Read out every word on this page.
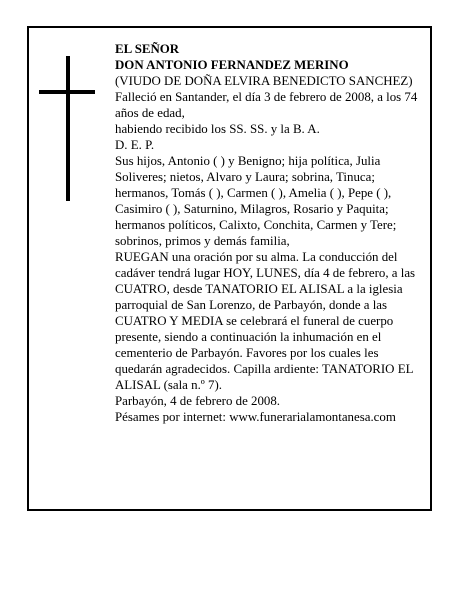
EL SEÑOR

DON ANTONIO FERNANDEZ MERINO

(VIUDO DE DOÑA ELVIRA BENEDICTO SANCHEZ)

Falleció en Santander, el día 3 de febrero de 2008, a los 74 años de edad,

habiendo recibido los SS. SS. y la B. A.

D. E. P.

Sus hijos, Antonio ( ) y Benigno; hija política, Julia Soliveres; nietos, Alvaro y Laura; sobrina, Tinuca; hermanos, Tomás ( ), Carmen ( ), Amelia ( ), Pepe ( ), Casimiro ( ), Saturnino, Milagros, Rosario y Paquita; hermanos políticos, Calixto, Conchita, Carmen y Tere; sobrinos, primos y demás familia,

RUEGAN una oración por su alma. La conducción del cadáver tendrá lugar HOY, LUNES, día 4 de febrero, a las CUATRO, desde TANATORIO EL ALISAL a la iglesia parroquial de San Lorenzo, de Parbayón, donde a las CUATRO Y MEDIA se celebrará el funeral de cuerpo presente, siendo a continuación la inhumación en el cementerio de Parbayón. Favores por los cuales les quedarán agradecidos. Capilla ardiente: TANATORIO EL ALISAL (sala n.º 7).

Parbayón, 4 de febrero de 2008.

Pésames por internet: www.funerarialamontanesa.com
